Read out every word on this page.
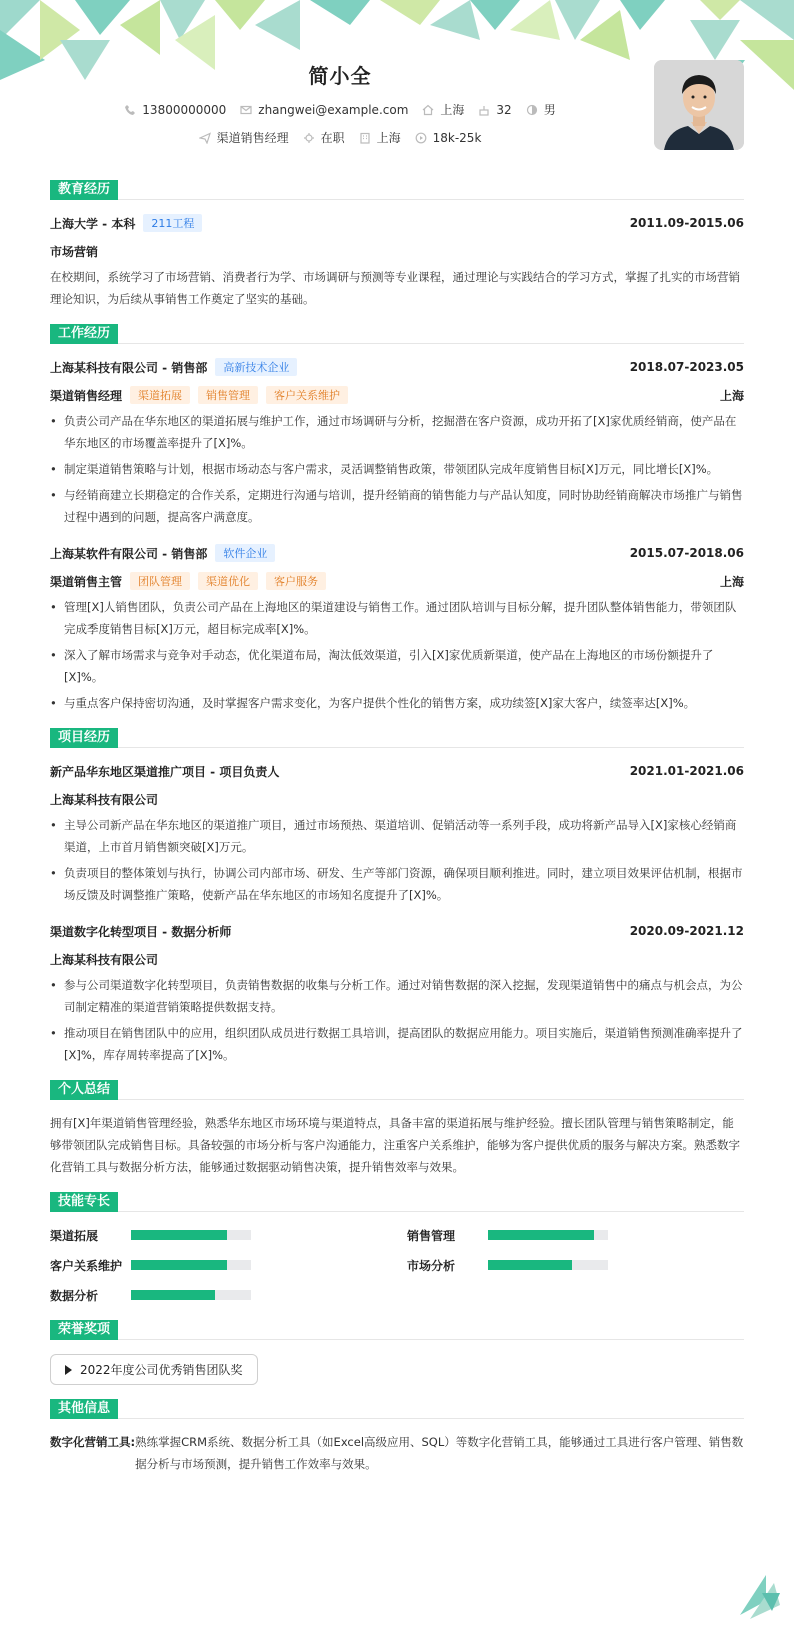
简小全
13800000000	zhangwei@example.com	上海	32	男
渠道销售经理	在职	上海	18k-25k
教育经历
上海大学 - 本科	211工程	2011.09-2015.06
市场营销
在校期间，系统学习了市场营销、消费者行为学、市场调研与预测等专业课程，通过理论与实践结合的学习方式，掌握了扎实的市场营销理论知识，为后续从事销售工作奠定了坚实的基础。
工作经历
上海某科技有限公司 - 销售部	高新技术企业	2018.07-2023.05
渠道销售经理	渠道拓展	销售管理	客户关系维护	上海
• 负责公司产品在华东地区的渠道拓展与维护工作，通过市场调研与分析，挖掘潜在客户资源，成功开拓了[X]家优质经销商，使产品在华东地区的市场覆盖率提升了[X]%。
• 制定渠道销售策略与计划，根据市场动态与客户需求，灵活调整销售政策，带领团队完成年度销售目标[X]万元，同比增长[X]%。
• 与经销商建立长期稳定的合作关系，定期进行沟通与培训，提升经销商的销售能力与产品认知度，同时协助经销商解决市场推广与销售过程中遇到的问题，提高客户满意度。
上海某软件有限公司 - 销售部	软件企业	2015.07-2018.06
渠道销售主管	团队管理	渠道优化	客户服务	上海
• 管理[X]人销售团队，负责公司产品在上海地区的渠道建设与销售工作。通过团队培训与目标分解，提升团队整体销售能力，带领团队完成季度销售目标[X]万元，超目标完成率[X]%。
• 深入了解市场需求与竞争对手动态，优化渠道布局，淘汰低效渠道，引入[X]家优质新渠道，使产品在上海地区的市场份额提升了[X]%。
• 与重点客户保持密切沟通，及时掌握客户需求变化，为客户提供个性化的销售方案，成功续签[X]家大客户，续签率达[X]%。
项目经历
新产品华东地区渠道推广项目 - 项目负责人	2021.01-2021.06
上海某科技有限公司
• 主导公司新产品在华东地区的渠道推广项目，通过市场预热、渠道培训、促销活动等一系列手段，成功将新产品导入[X]家核心经销商渠道，上市首月销售额突破[X]万元。
• 负责项目的整体策划与执行，协调公司内部市场、研发、生产等部门资源，确保项目顺利推进。同时，建立项目效果评估机制，根据市场反馈及时调整推广策略，使新产品在华东地区的市场知名度提升了[X]%。
渠道数字化转型项目 - 数据分析师	2020.09-2021.12
上海某科技有限公司
• 参与公司渠道数字化转型项目，负责销售数据的收集与分析工作。通过对销售数据的深入挖掘，发现渠道销售中的痛点与机会点，为公司制定精准的渠道营销策略提供数据支持。
• 推动项目在销售团队中的应用，组织团队成员进行数据工具培训，提高团队的数据应用能力。项目实施后，渠道销售预测准确率提升了[X]%，库存周转率提高了[X]%。
个人总结
拥有[X]年渠道销售管理经验，熟悉华东地区市场环境与渠道特点，具备丰富的渠道拓展与维护经验。擅长团队管理与销售策略制定，能够带领团队完成销售目标。具备较强的市场分析与客户沟通能力，注重客户关系维护，能够为客户提供优质的服务与解决方案。熟悉数字化营销工具与数据分析方法，能够通过数据驱动销售决策，提升销售效率与效果。
技能专长
渠道拓展	销售管理
客户关系维护	市场分析
数据分析
荣誉奖项
2022年度公司优秀销售团队奖
其他信息
数字化营销工具: 熟练掌握CRM系统、数据分析工具（如Excel高级应用、SQL）等数字化营销工具，能够通过工具进行客户管理、销售数据分析与市场预测，提升销售工作效率与效果。
